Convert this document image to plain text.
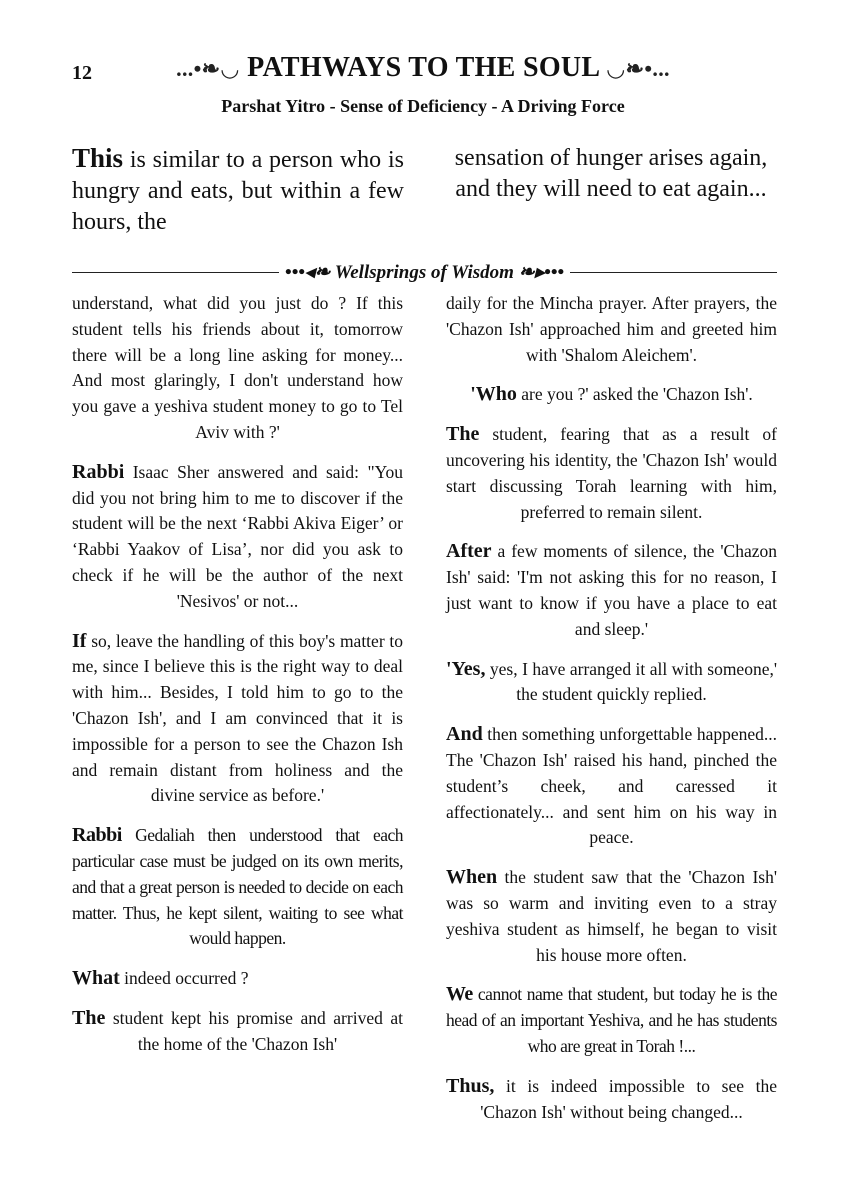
12	...•❧◡ PATHWAYS TO THE SOUL ◡❧•...
Parshat Yitro - Sense of Deficiency - A Driving Force
This is similar to a person who is hungry and eats, but within a few hours, the
sensation of hunger arises again, and they will need to eat again...
•••◂❧ Wellsprings of Wisdom ❧▸•••

understand, what did you just do ? If this student tells his friends about it, tomorrow there will be a long line asking for money... And most glaringly, I don't understand how you gave a yeshiva student money to go to Tel Aviv with ?'

Rabbi Isaac Sher answered and said: "You did you not bring him to me to discover if the student will be the next ‘Rabbi Akiva Eiger’ or ‘Rabbi Yaakov of Lisa’, nor did you ask to check if he will be the author of the next 'Nesivos' or not...

If so, leave the handling of this boy's matter to me, since I believe this is the right way to deal with him... Besides, I told him to go to the 'Chazon Ish', and I am convinced that it is impossible for a person to see the Chazon Ish and remain distant from holiness and the divine service as before.'

Rabbi Gedaliah then understood that each particular case must be judged on its own merits, and that a great person is needed to decide on each matter. Thus, he kept silent, waiting to see what would happen.

What indeed occurred ?

The student kept his promise and arrived at the home of the 'Chazon Ish'

daily for the Mincha prayer. After prayers, the 'Chazon Ish' approached him and greeted him with 'Shalom Aleichem'.

'Who are you ?' asked the 'Chazon Ish'.

The student, fearing that as a result of uncovering his identity, the 'Chazon Ish' would start discussing Torah learning with him, preferred to remain silent.

After a few moments of silence, the 'Chazon Ish' said: 'I'm not asking this for no reason, I just want to know if you have a place to eat and sleep.'

'Yes, yes, I have arranged it all with someone,' the student quickly replied.

And then something unforgettable happened... The 'Chazon Ish' raised his hand, pinched the student’s cheek, and caressed it affectionately... and sent him on his way in peace.

When the student saw that the 'Chazon Ish' was so warm and inviting even to a stray yeshiva student as himself, he began to visit his house more often.

We cannot name that student, but today he is the head of an important Yeshiva, and he has students who are great in Torah !...

Thus, it is indeed impossible to see the 'Chazon Ish' without being changed...
